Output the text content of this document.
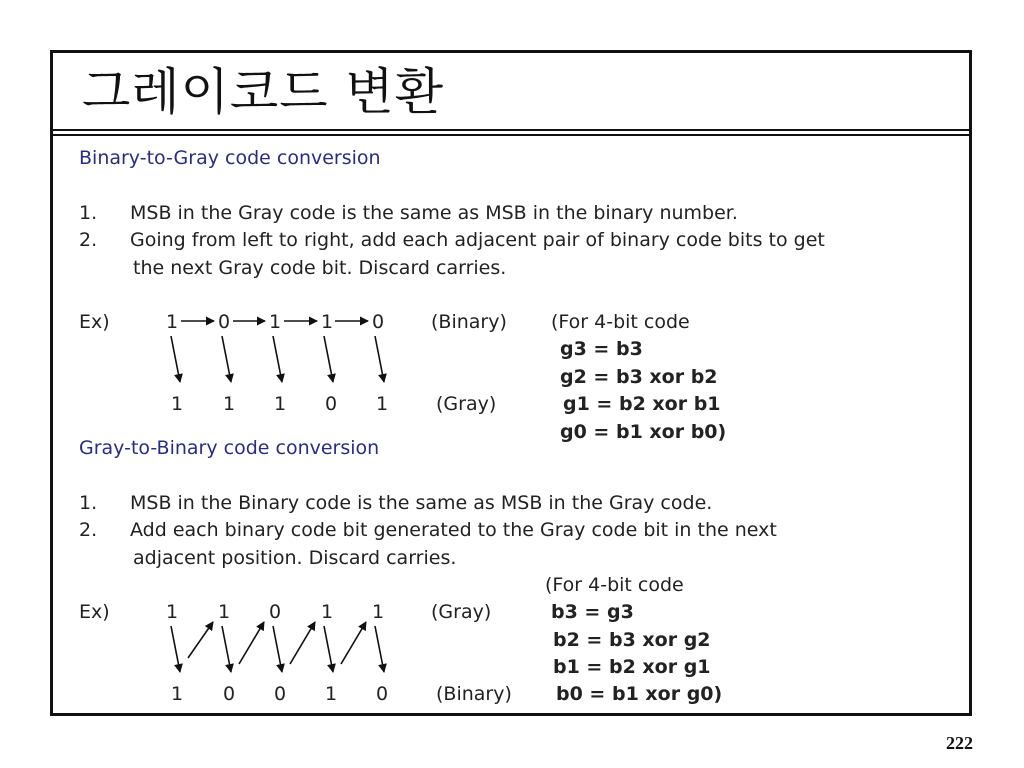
그레이코드 변환
Binary-to-Gray code conversion
1. MSB in the Gray code is the same as MSB in the binary number.
2. Going from left to right, add each adjacent pair of binary code bits to get
the next Gray code bit. Discard carries.
Ex)	1 0 1 1 0 (Binary) (For 4-bit code
g3 = b3
g2 = b3 xor b2
g1 = b2 xor b1
g0 = b1 xor b0)
1 1 1 0 1	(Gray)
Gray-to-Binary code conversion
1. MSB in the Binary code is the same as MSB in the Gray code.
2. Add each binary code bit generated to the Gray code bit in the next
adjacent position. Discard carries.
(For 4-bit code
Ex)	1 1 0 1 1 (Gray)	b3 = g3
b2 = b3 xor g2
b1 = b2 xor g1
b0 = b1 xor g0)
1 0 0 1 0	(Binary)
222
